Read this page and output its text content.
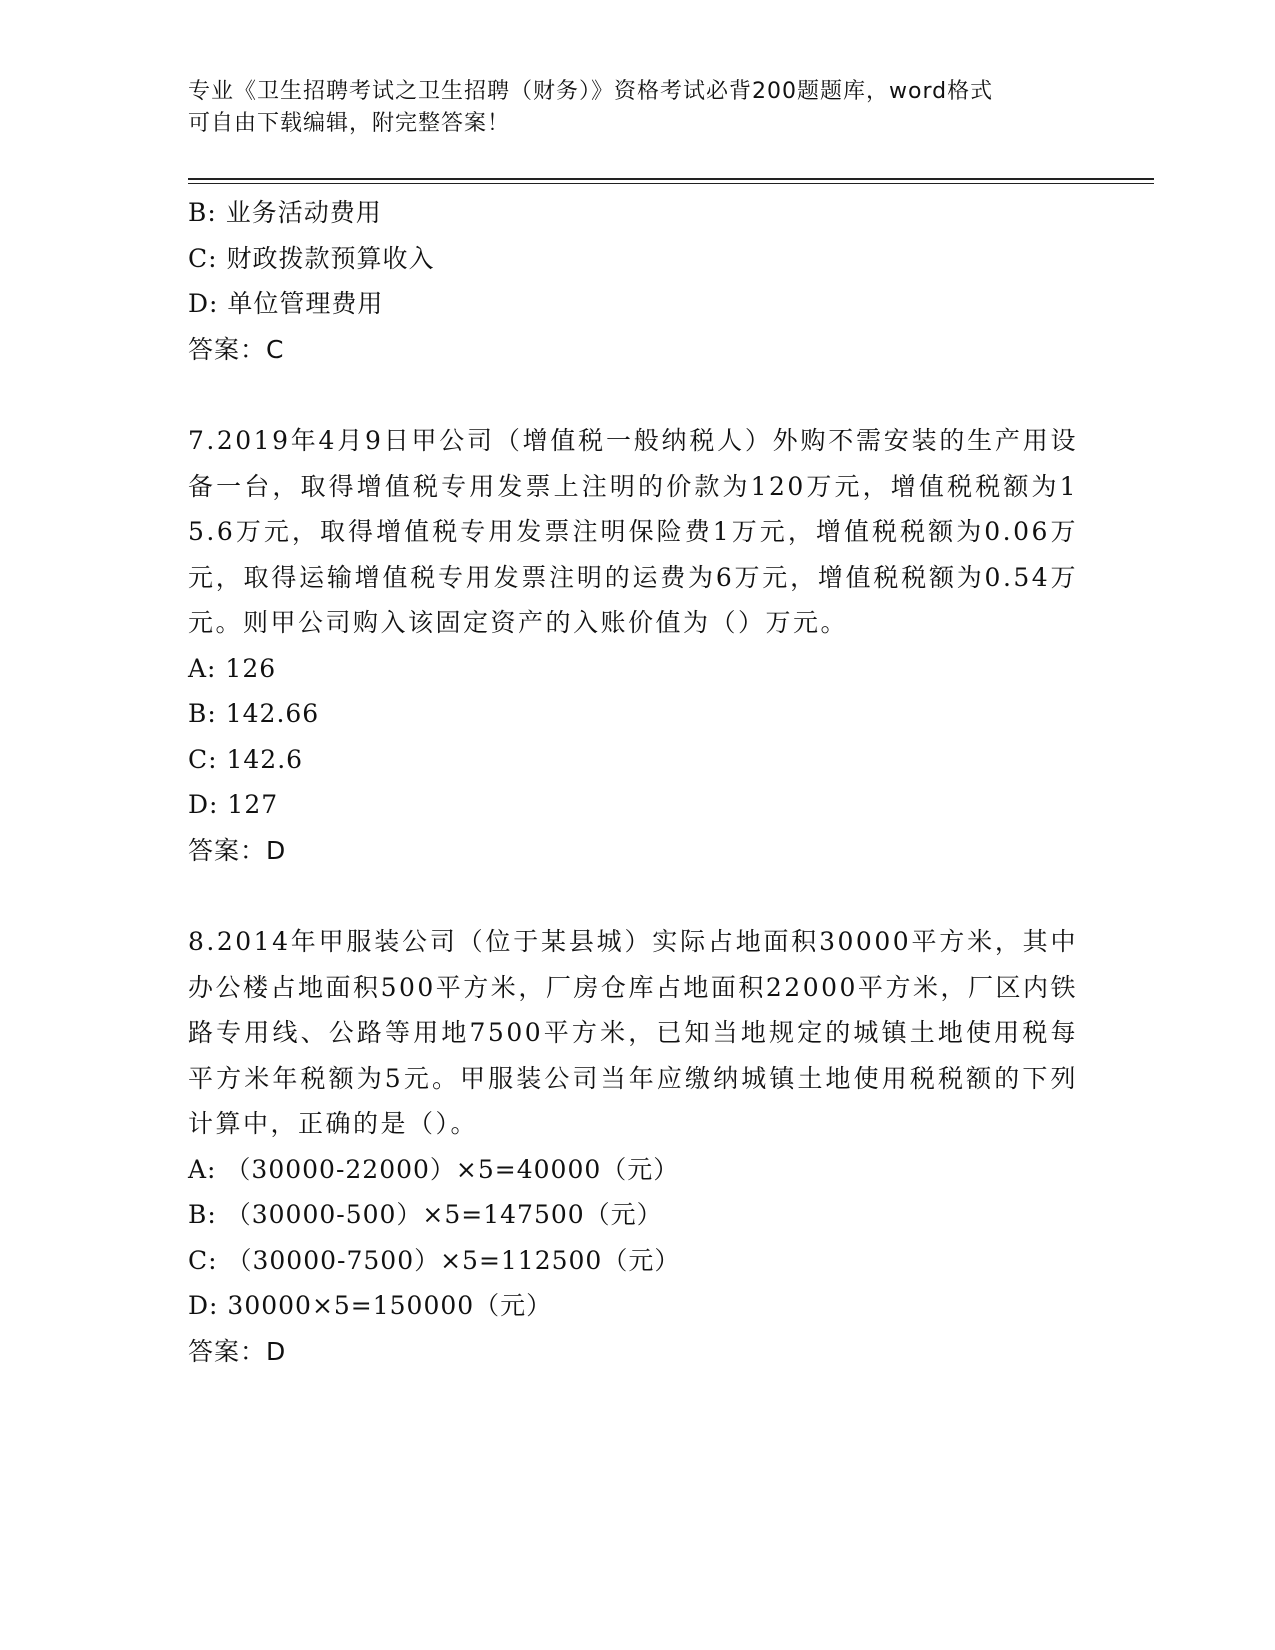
专业《卫生招聘考试之卫生招聘（财务）》资格考试必背200题题库，word格式
可自由下载编辑，附完整答案！
B: 业务活动费用
C: 财政拨款预算收入
D: 单位管理费用
答案：C
7.2019年4月9日甲公司（增值税一般纳税人）外购不需安装的生产用设备一台，取得增值税专用发票上注明的价款为120万元，增值税税额为15.6万元，取得增值税专用发票注明保险费1万元，增值税税额为0.06万元，取得运输增值税专用发票注明的运费为6万元，增值税税额为0.54万元。则甲公司购入该固定资产的入账价值为（）万元。
A: 126
B: 142.66
C: 142.6
D: 127
答案：D
8.2014年甲服装公司（位于某县城）实际占地面积30000平方米，其中办公楼占地面积500平方米，厂房仓库占地面积22000平方米，厂区内铁路专用线、公路等用地7500平方米，已知当地规定的城镇土地使用税每平方米年税额为5元。甲服装公司当年应缴纳城镇土地使用税税额的下列计算中，正确的是（）。
A: （30000-22000）×5=40000（元）
B: （30000-500）×5=147500（元）
C: （30000-7500）×5=112500（元）
D: 30000×5=150000（元）
答案：D
